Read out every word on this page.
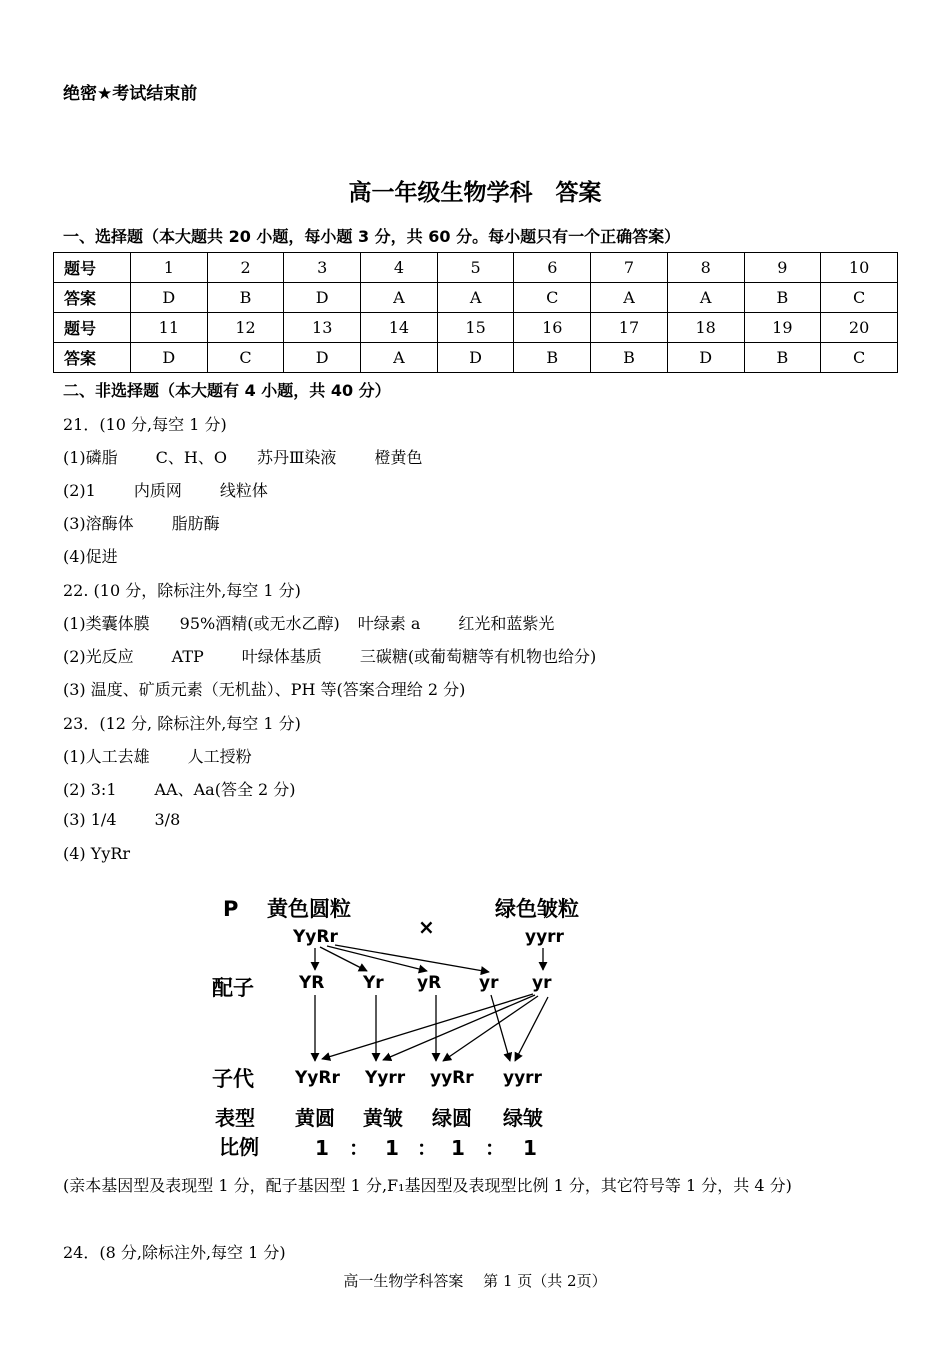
绝密★考试结束前
高一年级生物学科　答案
一、选择题（本大题共 20 小题，每小题 3 分，共 60 分。每小题只有一个正确答案）
题号	1	2	3	4	5	6	7	8	9	10
答案	D	B	D	A	A	C	A	A	B	C
题号	11	12	13	14	15	16	17	18	19	20
答案	D	C	D	A	D	B	B	D	B	C
二、非选择题（本大题有 4 小题，共 40 分）
21．(10 分,每空 1 分)
(1)磷脂 C、H、O 苏丹Ⅲ染液 橙黄色
(2)1 内质网 线粒体
(3)溶酶体 脂肪酶
(4)促进
22. (10 分，除标注外,每空 1 分)
(1)类囊体膜 95%酒精(或无水乙醇) 叶绿素 a 红光和蓝紫光
(2)光反应 ATP 叶绿体基质 三碳糖(或葡萄糖等有机物也给分)
(3) 温度、矿质元素（无机盐）、PH 等(答案合理给 2 分)
23．(12 分, 除标注外,每空 1 分)
(1)人工去雄 人工授粉
(2) 3:1 AA、Aa(答全 2 分)
(3) 1/4 3/8
(4) YyRr
P 黄色圆粒	绿色皱粒
×
YyRr	yyrr
配子	YR Yr yR yr yr
子代 YyRr Yyrr yyRr yyrr
表型 黄圆 黄皱 绿圆 绿皱
比例	1 ： 1 ： 1 ： 1
(亲本基因型及表现型 1 分，配子基因型 1 分,F₁基因型及表现型比例 1 分，其它符号等 1 分，共 4 分)
24．(8 分,除标注外,每空 1 分)
高一生物学科答案　 第 1 页（共 2页）
